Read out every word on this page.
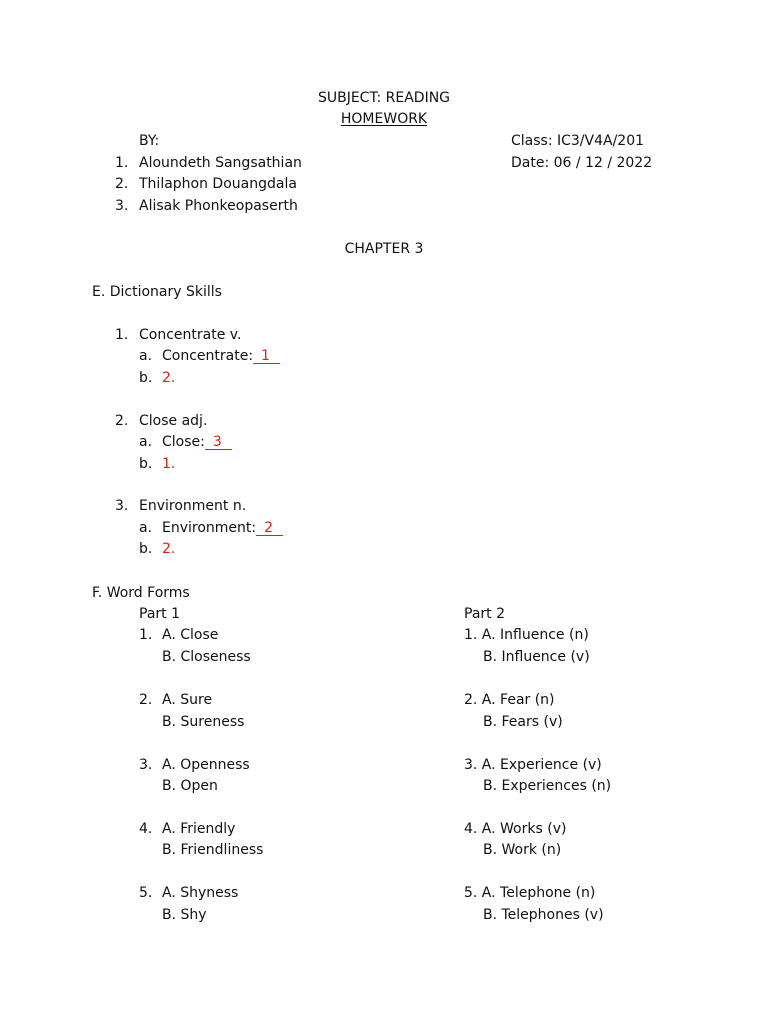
SUBJECT: READING
HOMEWORK
BY:	Class: IC3/V4A/201
Date: 06 / 12 / 2022
1. Aloundeth Sangsathian
2. Thilaphon Douangdala
3. Alisak Phonkeopaserth
CHAPTER 3
E. Dictionary Skills
1. Concentrate v.
a. Concentrate: 1
b. 2.
2. Close adj.
a. Close: 3
b. 1.
3. Environment n.
a. Environment: 2
b. 2.
F. Word Forms
Part 1	Part 2
1. A. Close
B. Closeness
2. A. Sure
B. Sureness
3. A. Openness
B. Open
4. A. Friendly
B. Friendliness
5. A. Shyness
B. Shy
1. A. Influence (n)
B. Influence (v)
2. A. Fear (n)
B. Fears (v)
3. A. Experience (v)
B. Experiences (n)
4. A. Works (v)
B. Work (n)
5. A. Telephone (n)
B. Telephones (v)
